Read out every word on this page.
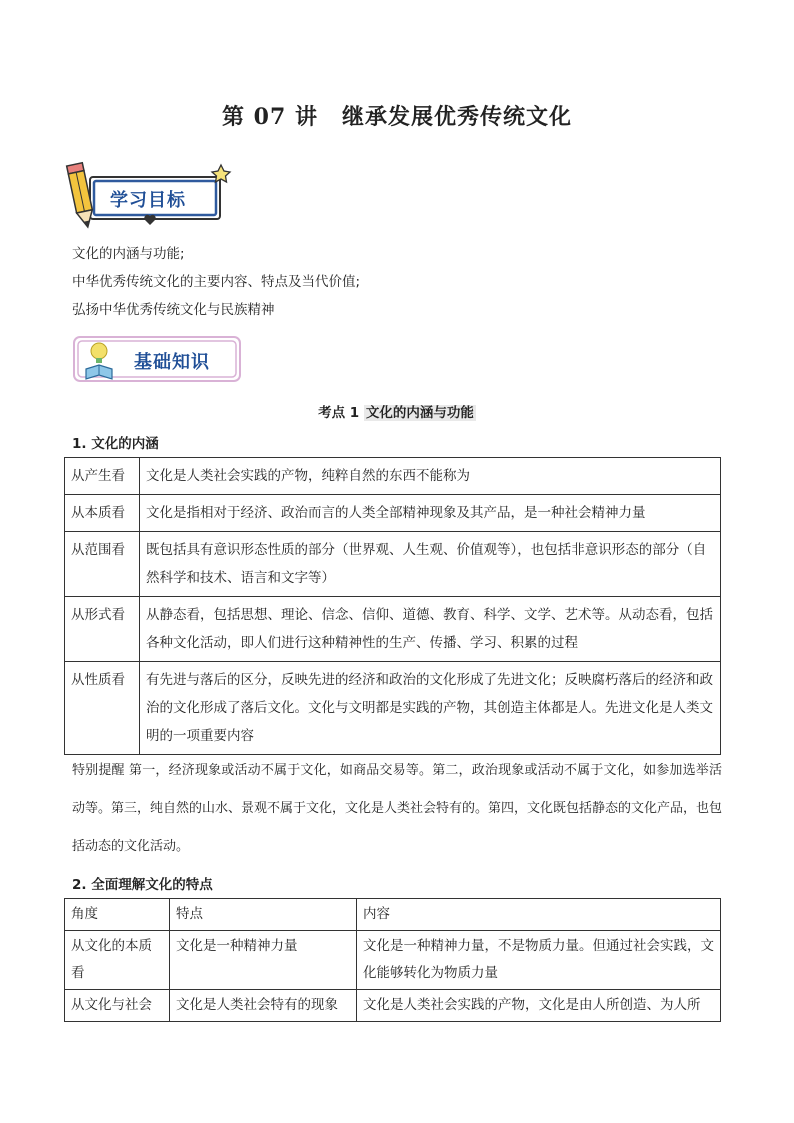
第 07 讲 继承发展优秀传统文化
学习目标
文化的内涵与功能;
中华优秀传统文化的主要内容、特点及当代价值;
弘扬中华优秀传统文化与民族精神
基础知识
考点 1 文化的内涵与功能
1. 文化的内涵
从产生看	文化是人类社会实践的产物，纯粹自然的东西不能称为
从本质看	文化是指相对于经济、政治而言的人类全部精神现象及其产品，是一种社会精神力量
从范围看	既包括具有意识形态性质的部分（世界观、人生观、价值观等），也包括非意识形态的部分（自然科学和技术、语言和文字等）
从形式看	从静态看，包括思想、理论、信念、信仰、道德、教育、科学、文学、艺术等。从动态看，包括各种文化活动，即人们进行这种精神性的生产、传播、学习、积累的过程
从性质看	有先进与落后的区分，反映先进的经济和政治的文化形成了先进文化；反映腐朽落后的经济和政治的文化形成了落后文化。文化与文明都是实践的产物，其创造主体都是人。先进文化是人类文明的一项重要内容
特别提醒 第一，经济现象或活动不属于文化，如商品交易等。第二，政治现象或活动不属于文化，如参加选举活动等。第三，纯自然的山水、景观不属于文化，文化是人类社会特有的。第四，文化既包括静态的文化产品，也包括动态的文化活动。
2. 全面理解文化的特点
角度	特点	内容
从文化的本质看	文化是一种精神力量	文化是一种精神力量，不是物质力量。但通过社会实践，文化能够转化为物质力量
从文化与社会	文化是人类社会特有的现象	文化是人类社会实践的产物，文化是由人所创造、为人所
